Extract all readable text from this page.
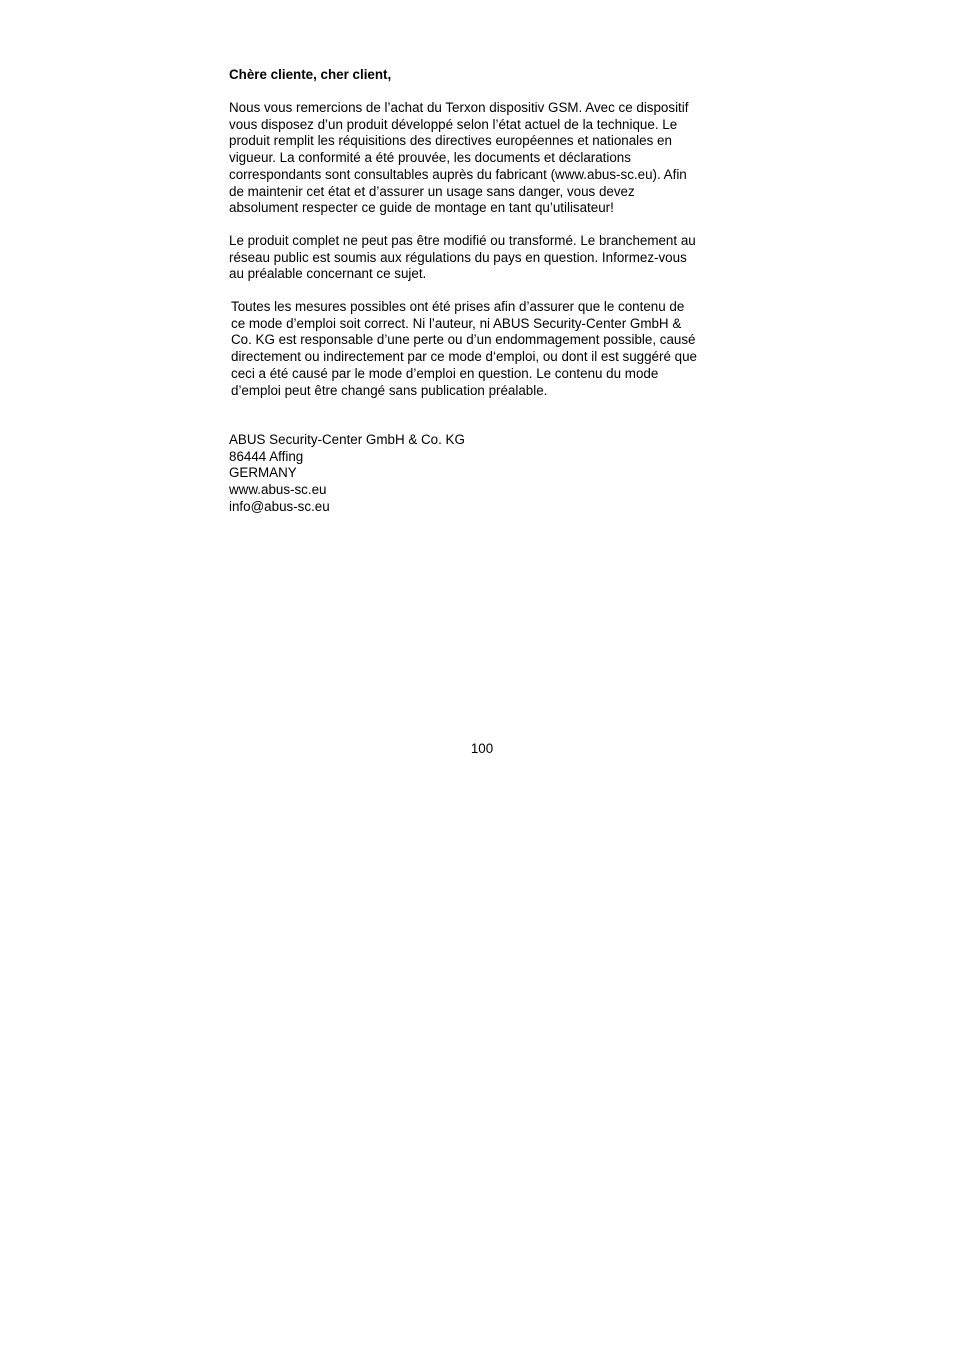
Chère cliente, cher client,
Nous vous remercions de l’achat du Terxon dispositiv GSM. Avec ce dispositif
vous disposez d’un produit développé selon l’état actuel de la technique. Le
produit remplit les réquisitions des directives européennes et nationales en
vigueur. La conformité a été prouvée, les documents et déclarations
correspondants sont consultables auprès du fabricant (www.abus-sc.eu). Afin
de maintenir cet état et d’assurer un usage sans danger, vous devez
absolument respecter ce guide de montage en tant qu’utilisateur!
Le produit complet ne peut pas être modifié ou transformé. Le branchement au
réseau public est soumis aux régulations du pays en question. Informez-vous
au préalable concernant ce sujet.
Toutes les mesures possibles ont été prises afin d’assurer que le contenu de
ce mode d’emploi soit correct. Ni l’auteur, ni ABUS Security-Center GmbH &
Co. KG est responsable d’une perte ou d’un endommagement possible, causé
directement ou indirectement par ce mode d‘emploi, ou dont il est suggéré que
ceci a été causé par le mode d’emploi en question. Le contenu du mode
d’emploi peut être changé sans publication préalable.
ABUS Security-Center GmbH & Co. KG
86444 Affing
GERMANY
www.abus-sc.eu
info@abus-sc.eu
100
